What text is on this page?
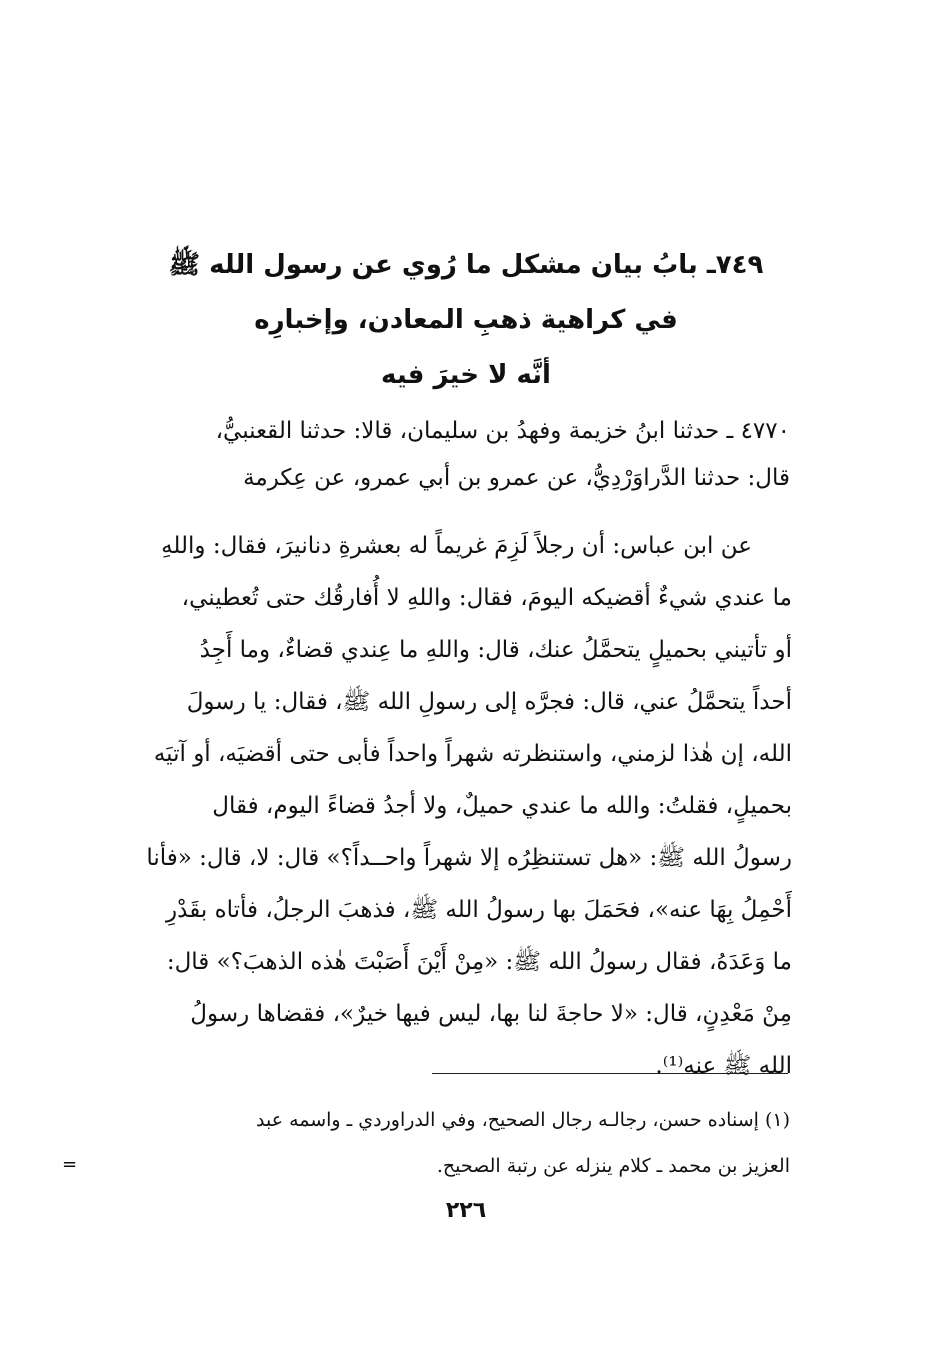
٧٤٩ـ بابُ بيان مشكل ما رُوي عن رسول الله ﷺ
في كراهية ذهبِ المعادن، وإخبارِه
أنَّه لا خيرَ فيه
٤٧٧٠ ـ حدثنا ابنُ خزيمة وفهدُ بن سليمان، قالا: حدثنا القعنبيُّ،
قال: حدثنا الدَّراوَرْدِيُّ، عن عمرو بن أبي عمرو، عن عِكرمة
عن ابن عباس: أن رجلاً لَزِمَ غريماً له بعشرةِ دنانيرَ، فقال: واللهِ
ما عندي شيءٌ أقضيكه اليومَ، فقال: واللهِ لا أُفارقُك حتى تُعطيني،
أو تأتيني بحميلٍ يتحمَّلُ عنك، قال: واللهِ ما عِندي قضاءٌ، وما أَجِدُ
أحداً يتحمَّلُ عني، قال: فجرَّه إلى رسولِ الله ﷺ، فقال: يا رسولَ
الله، إن هٰذا لزمني، واستنظرته شهراً واحداً فأبى حتى أقضيَه، أو آتيَه
بحميلٍ، فقلتُ: والله ما عندي حميلٌ، ولا أجدُ قضاءً اليوم، فقال
رسولُ الله ﷺ: «هل تستنظِرُه إلا شهراً واحــداً؟» قال: لا، قال: «فأنا
أَحْمِلُ بِهَا عنه»، فحَمَلَ بها رسولُ الله ﷺ، فذهبَ الرجلُ، فأتاه بقَدْرِ
ما وَعَدَهُ، فقال رسولُ الله ﷺ: «مِنْ أَيْنَ أَصَبْتَ هٰذه الذهبَ؟» قال:
مِنْ مَعْدِنٍ، قال: «لا حاجةَ لنا بها، ليس فيها خيرٌ»، فقضاها رسولُ
الله ﷺ عنه⁽¹⁾.
(١) إسناده حسن، رجالـه رجال الصحيح، وفي الدراوردي ـ واسمه عبد
العزيز بن محمد ـ كلام ينزله عن رتبة الصحيح.
=
٢٢٦
